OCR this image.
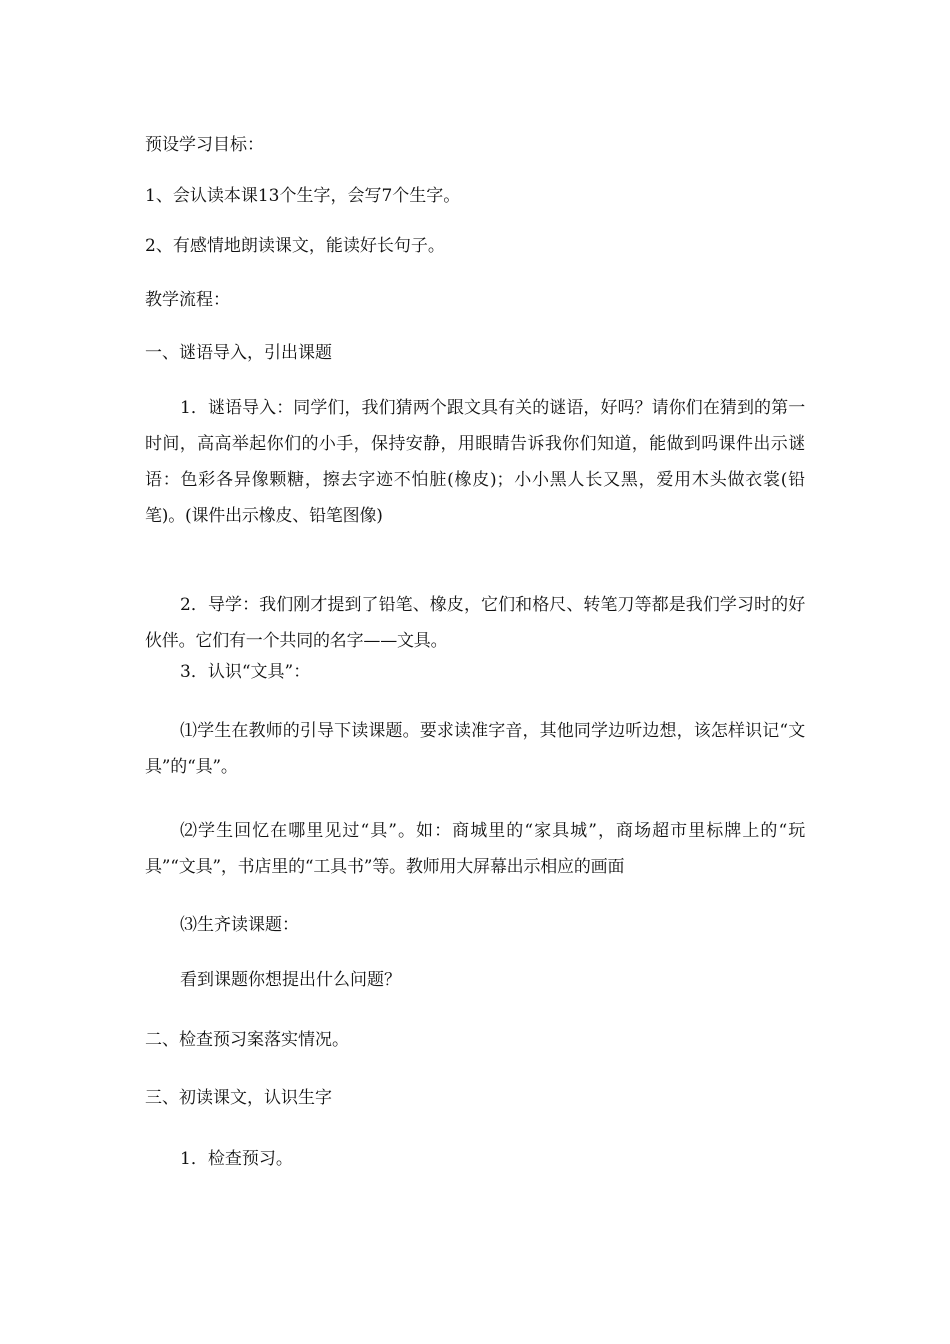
预设学习目标：
1、会认读本课13个生字，会写7个生字。
2、有感情地朗读课文，能读好长句子。
教学流程：
一、谜语导入，引出课题
1．谜语导入：同学们，我们猜两个跟文具有关的谜语，好吗？请你们在猜到的第一时间，高高举起你们的小手，保持安静，用眼睛告诉我你们知道，能做到吗课件出示谜语：色彩各异像颗糖，擦去字迹不怕脏(橡皮)；小小黑人长又黑，爱用木头做衣裳(铅笔)。(课件出示橡皮、铅笔图像)
2．导学：我们刚才提到了铅笔、橡皮，它们和格尺、转笔刀等都是我们学习时的好伙伴。它们有一个共同的名字——文具。
3．认识“文具”：
⑴学生在教师的引导下读课题。要求读准字音，其他同学边听边想，该怎样识记“文具”的“具”。
⑵学生回忆在哪里见过“具”。如：商城里的“家具城”，商场超市里标牌上的“玩具”“文具”，书店里的“工具书”等。教师用大屏幕出示相应的画面
⑶生齐读课题：
看到课题你想提出什么问题？
二、检查预习案落实情况。
三、初读课文，认识生字
1．检查预习。
